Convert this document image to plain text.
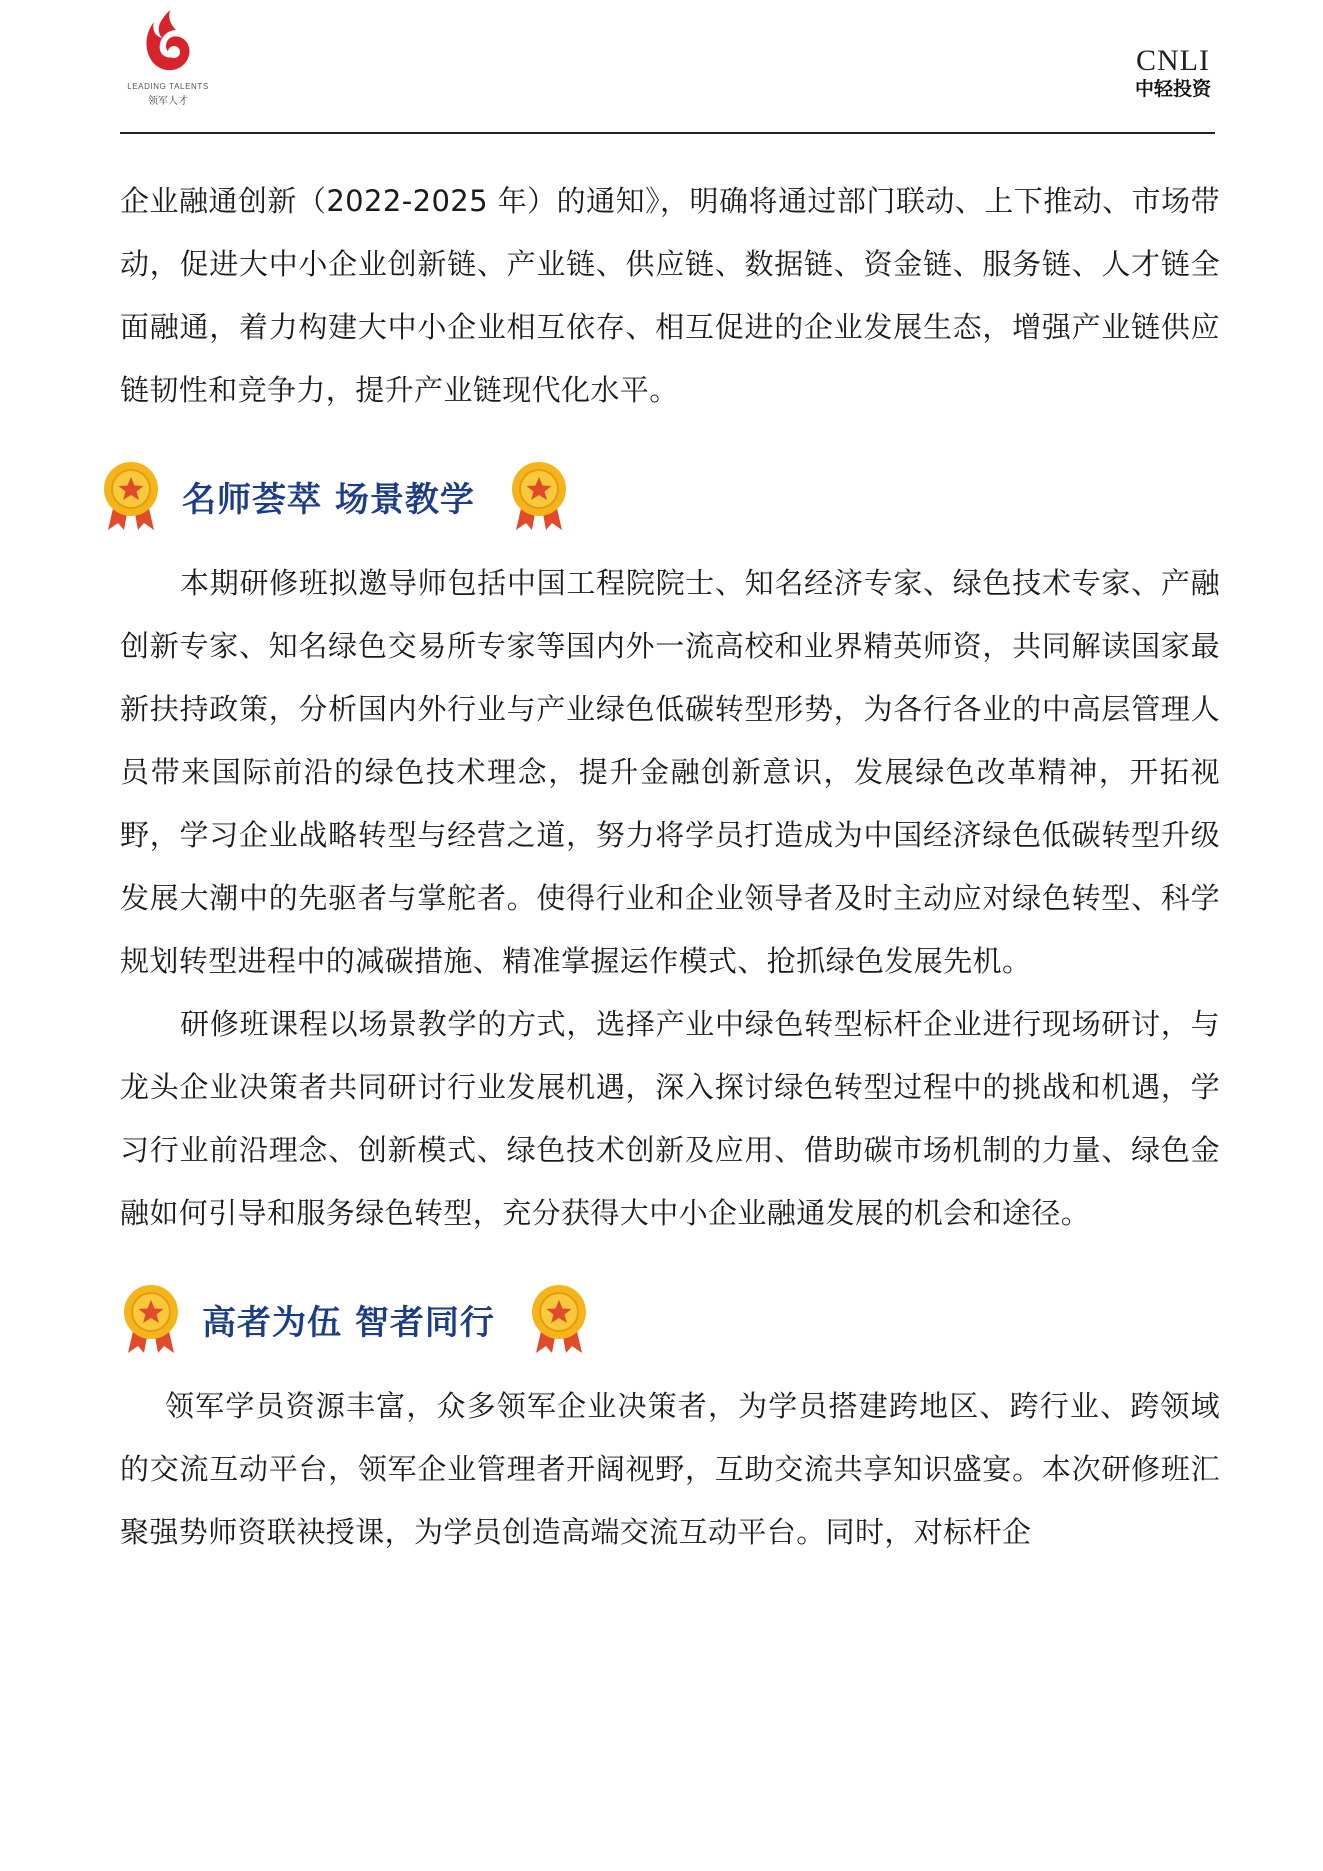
LEADING TALENTS
领军人才
CNLI
中轻投资

企业融通创新（2022-2025 年）的通知》，明确将通过部门联动、上下推动、市场带动，促进大中小企业创新链、产业链、供应链、数据链、资金链、服务链、人才链全面融通，着力构建大中小企业相互依存、相互促进的企业发展生态，增强产业链供应链韧性和竞争力，提升产业链现代化水平。

名师荟萃 场景教学

本期研修班拟邀导师包括中国工程院院士、知名经济专家、绿色技术专家、产融创新专家、知名绿色交易所专家等国内外一流高校和业界精英师资，共同解读国家最新扶持政策，分析国内外行业与产业绿色低碳转型形势，为各行各业的中高层管理人员带来国际前沿的绿色技术理念，提升金融创新意识，发展绿色改革精神，开拓视野，学习企业战略转型与经营之道，努力将学员打造成为中国经济绿色低碳转型升级发展大潮中的先驱者与掌舵者。使得行业和企业领导者及时主动应对绿色转型、科学规划转型进程中的减碳措施、精准掌握运作模式、抢抓绿色发展先机。

研修班课程以场景教学的方式，选择产业中绿色转型标杆企业进行现场研讨，与龙头企业决策者共同研讨行业发展机遇，深入探讨绿色转型过程中的挑战和机遇，学习行业前沿理念、创新模式、绿色技术创新及应用、借助碳市场机制的力量、绿色金融如何引导和服务绿色转型，充分获得大中小企业融通发展的机会和途径。

高者为伍 智者同行

领军学员资源丰富，众多领军企业决策者，为学员搭建跨地区、跨行业、跨领域的交流互动平台，领军企业管理者开阔视野，互助交流共享知识盛宴。本次研修班汇聚强势师资联袂授课，为学员创造高端交流互动平台。同时，对标杆企
